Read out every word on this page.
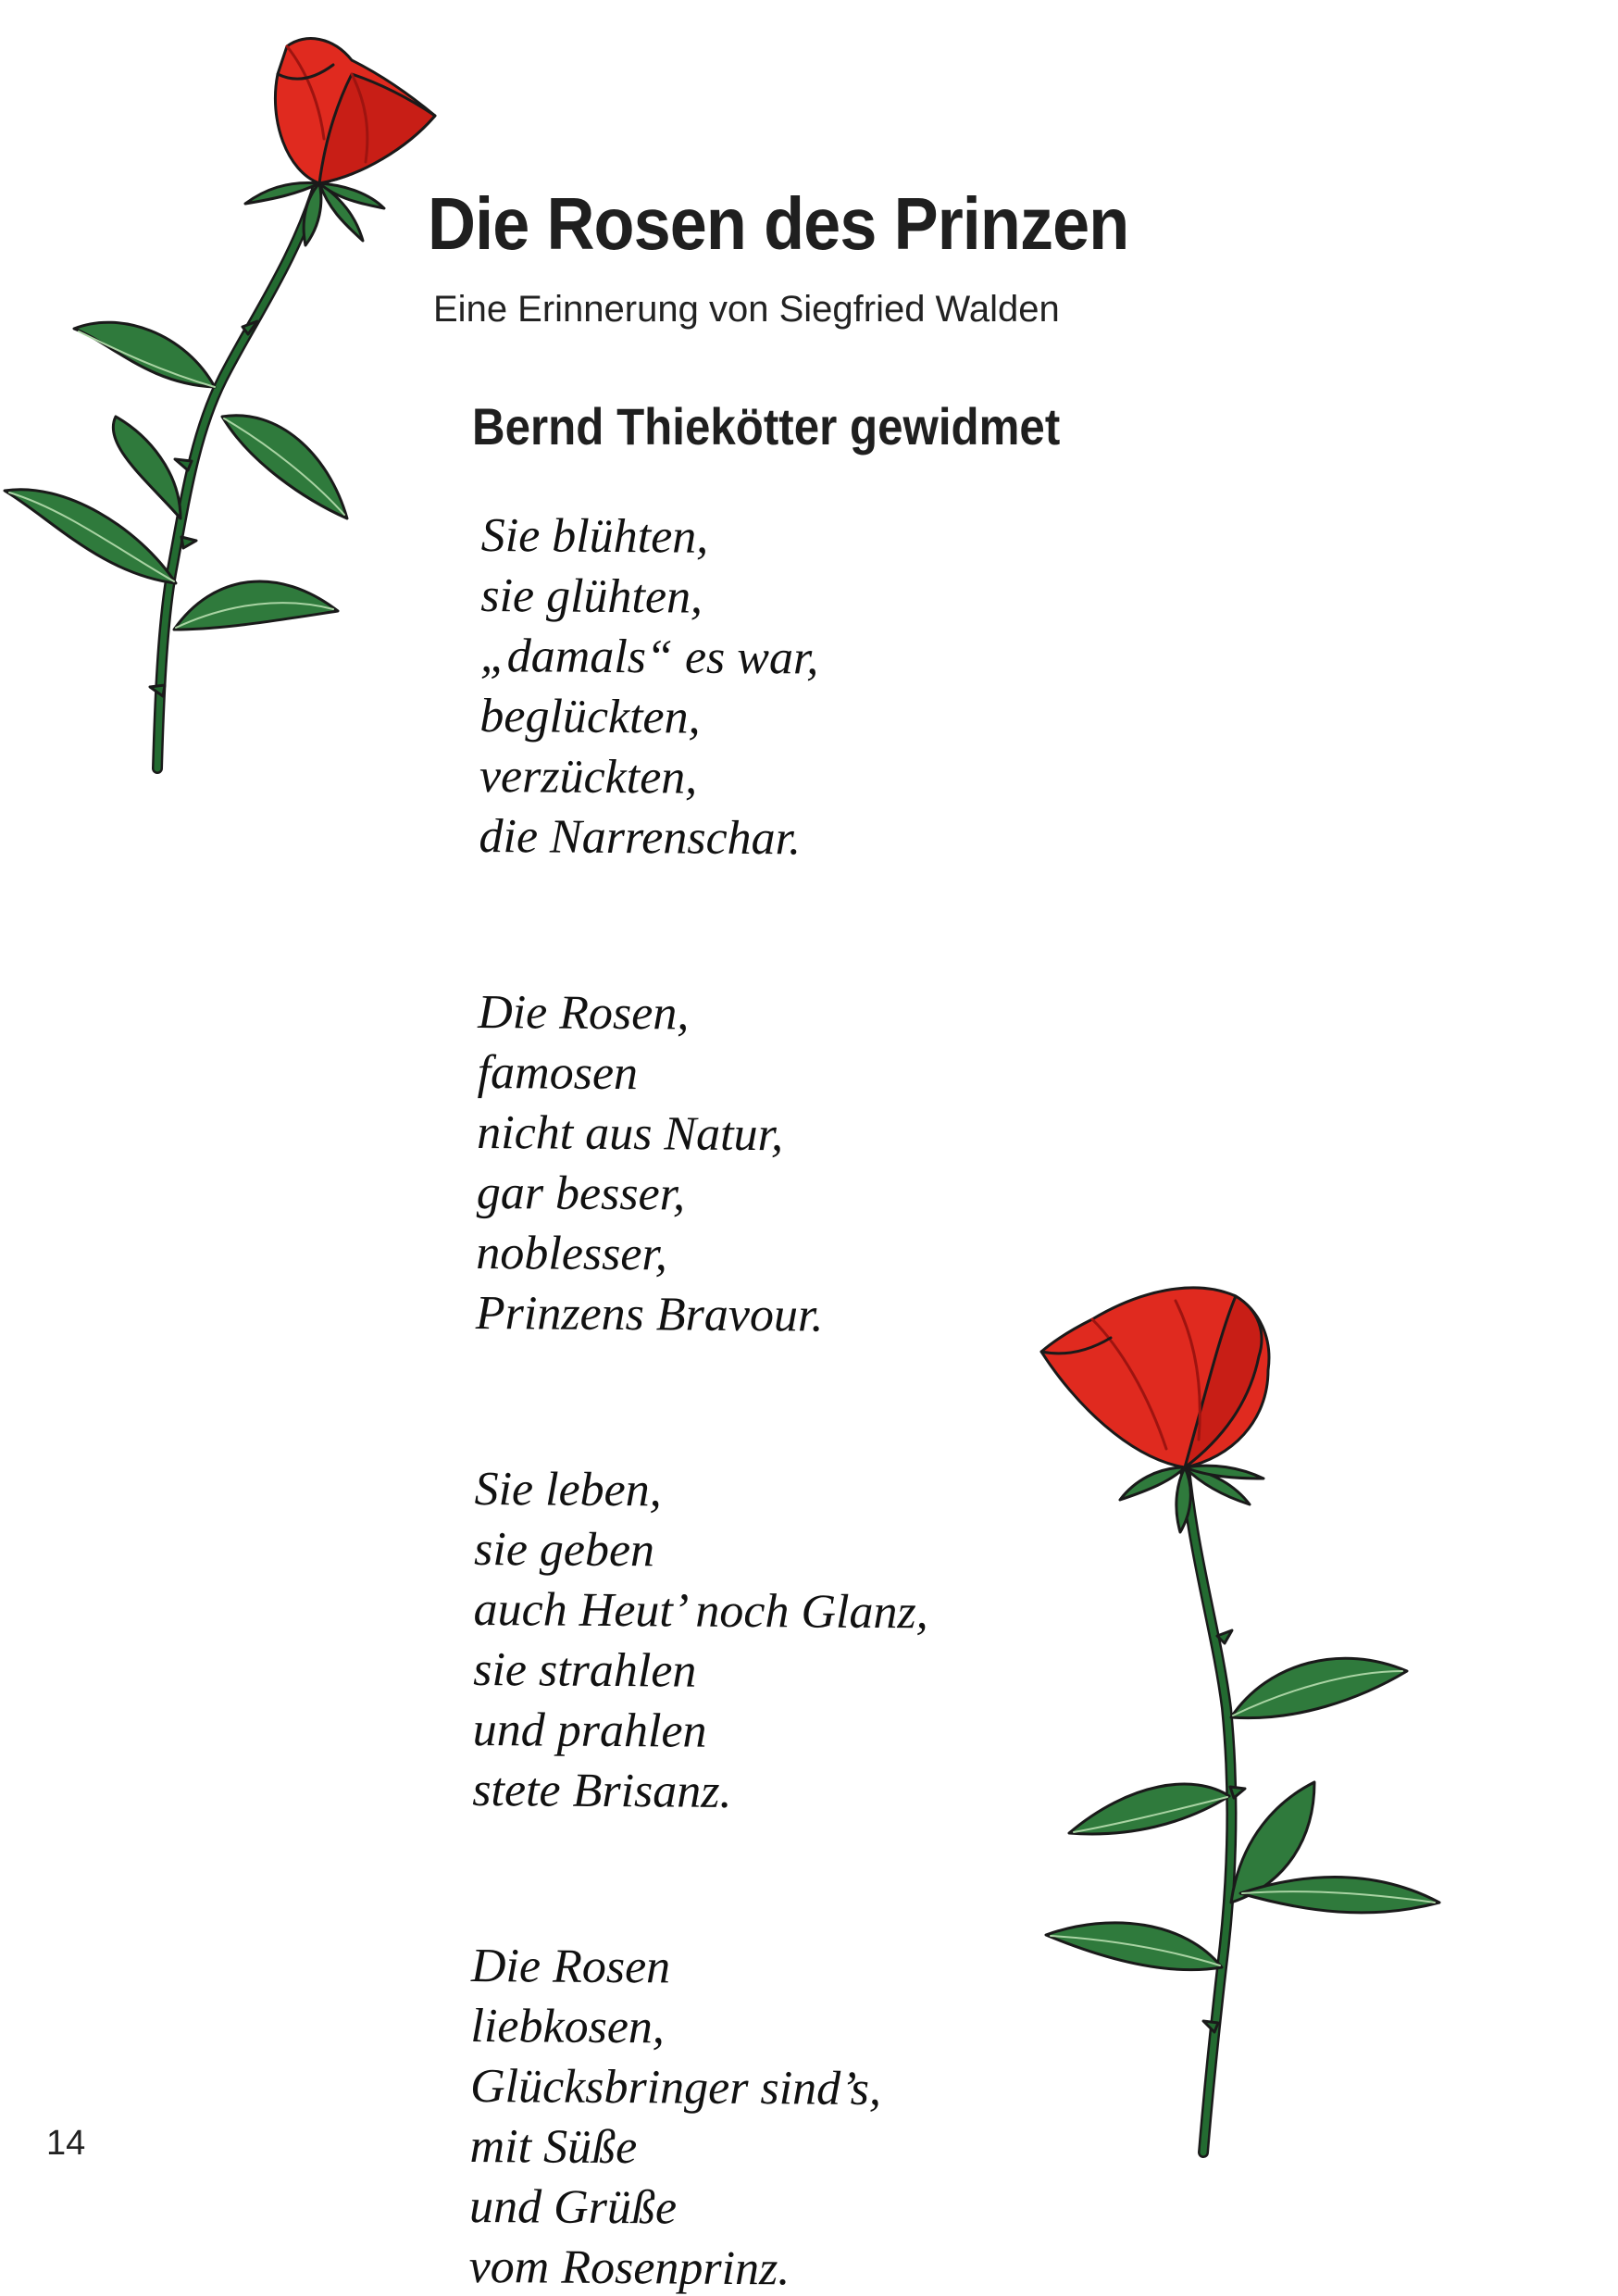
Die Rosen des Prinzen
Eine Erinnerung von Siegfried Walden
Bernd Thiekötter gewidmet
Sie blühten,
sie glühten,
„damals“ es war,
beglückten,
verzückten,
die Narrenschar.
Die Rosen,
famosen
nicht aus Natur,
gar besser,
noblesser,
Prinzens Bravour.
Sie leben,
sie geben
auch Heut’ noch Glanz,
sie strahlen
und prahlen
stete Brisanz.
Die Rosen
liebkosen,
Glücksbringer sind’s,
mit Süße
und Grüße
vom Rosenprinz.
14
